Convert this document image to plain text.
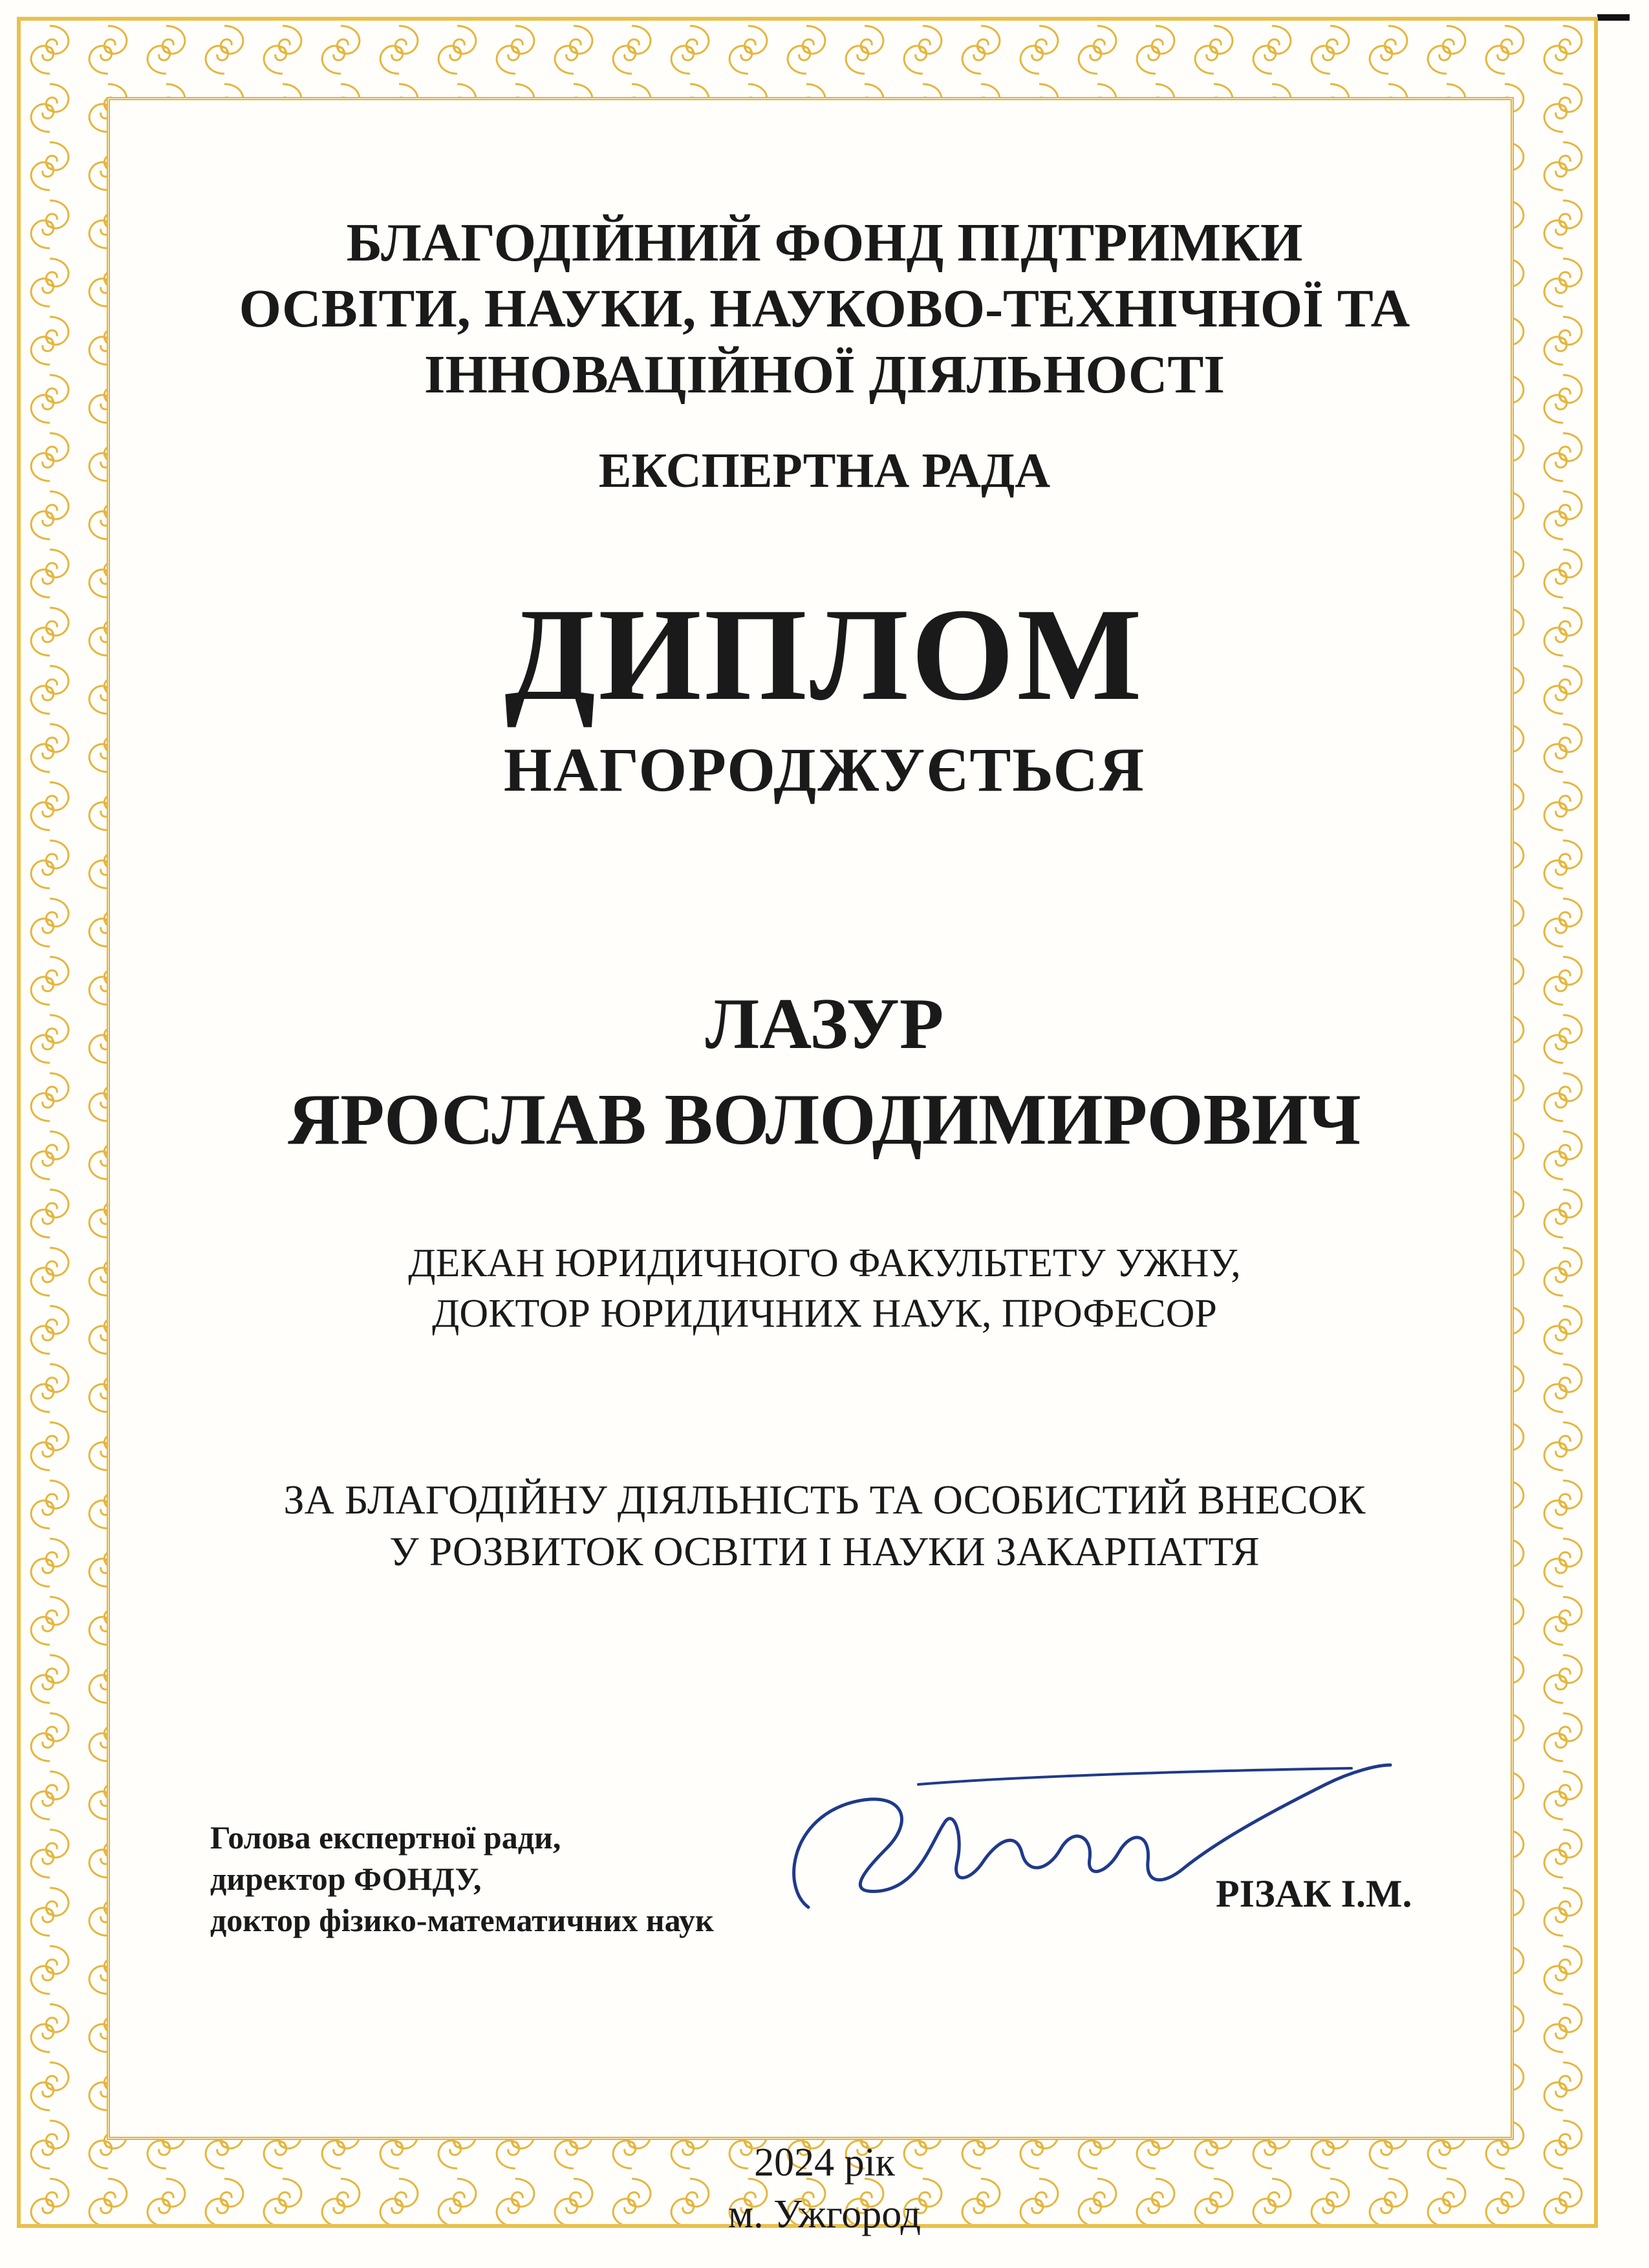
БЛАГОДІЙНИЙ ФОНД ПІДТРИМКИ
ОСВІТИ, НАУКИ, НАУКОВО-ТЕХНІЧНОЇ ТА
ІННОВАЦІЙНОЇ ДІЯЛЬНОСТІ
ЕКСПЕРТНА РАДА
ДИПЛОМ
НАГОРОДЖУЄТЬСЯ
ЛАЗУР
ЯРОСЛАВ ВОЛОДИМИРОВИЧ
ДЕКАН ЮРИДИЧНОГО ФАКУЛЬТЕТУ УЖНУ,
ДОКТОР ЮРИДИЧНИХ НАУК, ПРОФЕСОР
ЗА БЛАГОДІЙНУ ДІЯЛЬНІСТЬ ТА ОСОБИСТИЙ ВНЕСОК
У РОЗВИТОК ОСВІТИ І НАУКИ ЗАКАРПАТТЯ
Голова експертної ради,
директор ФОНДУ,
доктор фізико-математичних наук
РІЗАК І.М.
2024 рік
м. Ужгород
